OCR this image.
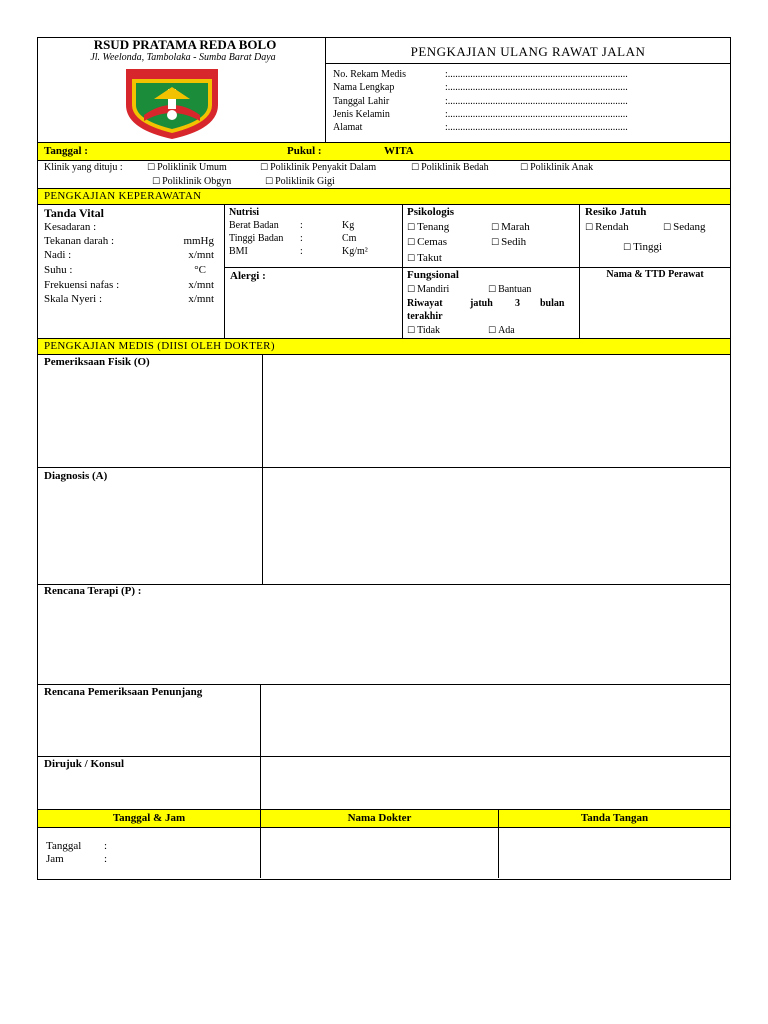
RSUD PRATAMA REDA BOLO
Jl. Weelonda, Tambolaka - Sumba Barat Daya	PENGKAJIAN ULANG RAWAT JALAN
No. Rekam Medis	:........................................................................
Nama Lengkap	:........................................................................
Tanggal Lahir	:........................................................................
Jenis Kelamin	:........................................................................
Alamat	:........................................................................
Tanggal :	Pukul :	WITA
Klinik yang dituju :	☐ Poliklinik Umum	☐ Poliklinik Penyakit Dalam	☐ Poliklinik Bedah	☐ Poliklinik Anak
☐ Poliklinik Obgyn	☐ Poliklinik Gigi
PENGKAJIAN KEPERAWATAN
Tanda Vital
Kesadaran :
Tekanan darah :	mmHg
Nadi :	x/mnt
Suhu :	°C
Frekuensi nafas :	x/mnt
Skala Nyeri :	x/mnt
Nutrisi
Berat Badan :	Kg
Tinggi Badan :	Cm
BMI	:	Kg/m²
Alergi :
Psikologis
☐ Tenang	☐ Marah
☐ Cemas	☐ Sedih
☐ Takut
Resiko Jatuh
☐ Rendah	☐ Sedang
☐ Tinggi
Fungsional
☐ Mandiri	☐ Bantuan
Riwayat	jatuh 3 bulan
terakhir
☐ Tidak	☐ Ada
Nama & TTD Perawat
PENGKAJIAN MEDIS (DIISI OLEH DOKTER)
Pemeriksaan Fisik (O)
Diagnosis (A)
Rencana Terapi (P) :
Rencana Pemeriksaan Penunjang
Dirujuk / Konsul
Tanggal & Jam	Nama Dokter	Tanda Tangan
Tanggal :
Jam	:
